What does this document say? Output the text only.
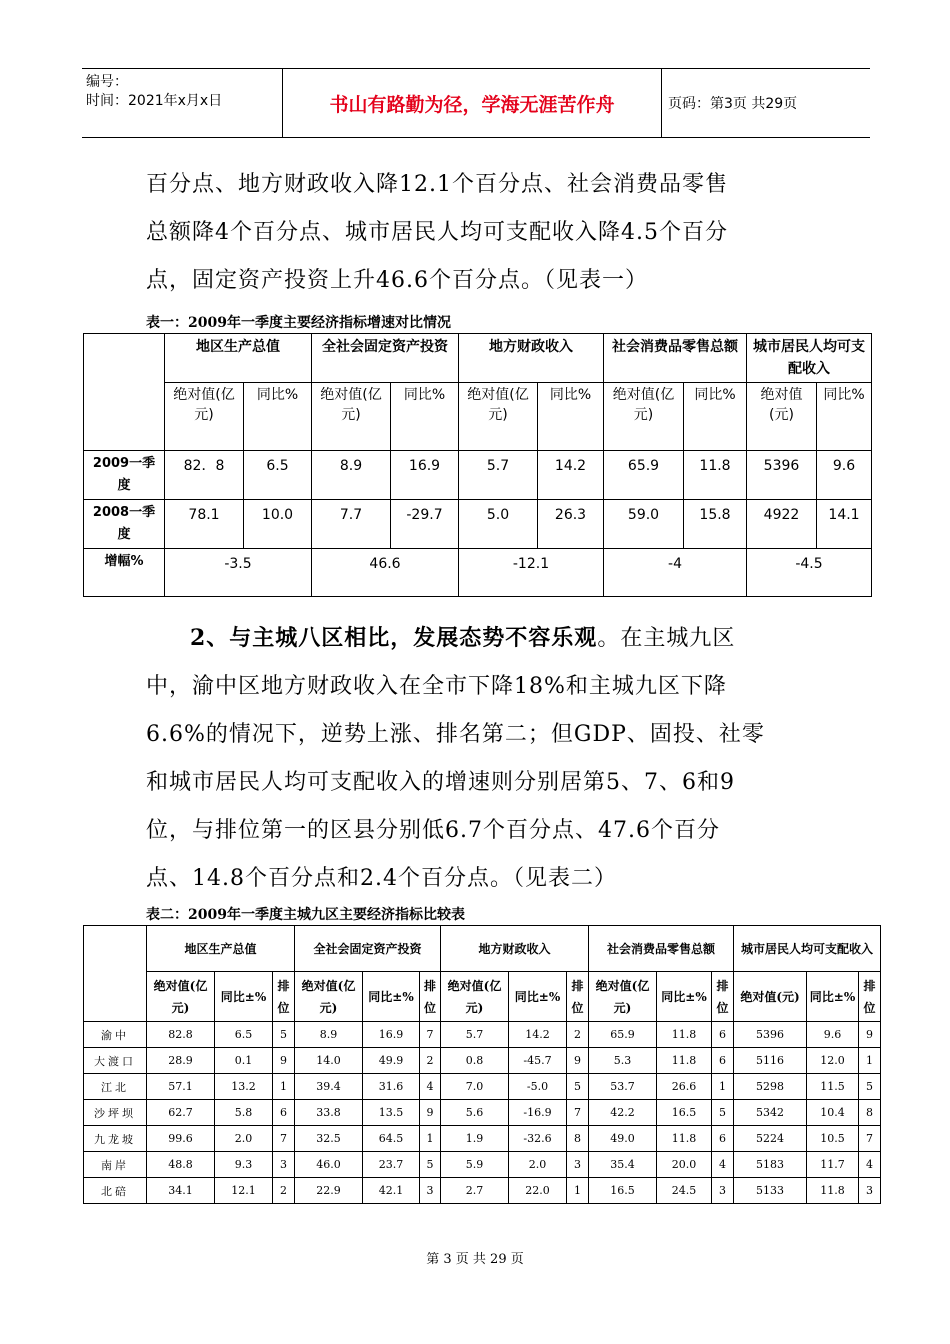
编号：
时间：2021年x月x日	书山有路勤为径，学海无涯苦作舟	页码：第3页 共29页
百分点、地方财政收入降12.1个百分点、社会消费品零售
总额降4个百分点、城市居民人均可支配收入降4.5个百分
点，固定资产投资上升46.6个百分点。（见表一）
表一：2009年一季度主要经济指标增速对比情况
	地区生产总值		全社会固定资产投资		地方财政收入		社会消费品零售总额		城市居民人均可支配收入	
	绝对值(亿元)	同比%	绝对值(亿元)	同比%	绝对值(亿元)	同比%	绝对值(亿元)	同比%	绝对值(元)	同比%
2009一季度	82．8	6.5	8.9	16.9	5.7	14.2	65.9	11.8	5396	9.6
2008一季度	78.1	10.0	7.7	-29.7	5.0	26.3	59.0	15.8	4922	14.1
增幅%	-3.5		46.6		-12.1		-4		-4.5	
2、与主城八区相比，发展态势不容乐观。在主城九区
中，渝中区地方财政收入在全市下降18%和主城九区下降
6.6%的情况下，逆势上涨、排名第二；但GDP、固投、社零
和城市居民人均可支配收入的增速则分别居第5、7、6和9
位，与排位第一的区县分别低6.7个百分点、47.6个百分
点、14.8个百分点和2.4个百分点。（见表二）
表二：2009年一季度主城九区主要经济指标比较表
	地区生产总值			全社会固定资产投资			地方财政收入			社会消费品零售总额			城市居民人均可支配收入		
	绝对值(亿元)	同比±%	排位	绝对值(亿元)	同比±%	排位	绝对值(亿元)	同比±%	排位	绝对值(亿元)	同比±%	排位	绝对值(元)	同比±%	排位
渝中	82.8	6.5	5	8.9	16.9	7	5.7	14.2	2	65.9	11.8	6	5396	9.6	9
大渡口	28.9	0.1	9	14.0	49.9	2	0.8	-45.7	9	5.3	11.8	6	5116	12.0	1
江北	57.1	13.2	1	39.4	31.6	4	7.0	-5.0	5	53.7	26.6	1	5298	11.5	5
沙坪坝	62.7	5.8	6	33.8	13.5	9	5.6	-16.9	7	42.2	16.5	5	5342	10.4	8
九龙坡	99.6	2.0	7	32.5	64.5	1	1.9	-32.6	8	49.0	11.8	6	5224	10.5	7
南岸	48.8	9.3	3	46.0	23.7	5	5.9	2.0	3	35.4	20.0	4	5183	11.7	4
北碚	34.1	12.1	2	22.9	42.1	3	2.7	22.0	1	16.5	24.5	3	5133	11.8	3
第 3 页 共 29 页
